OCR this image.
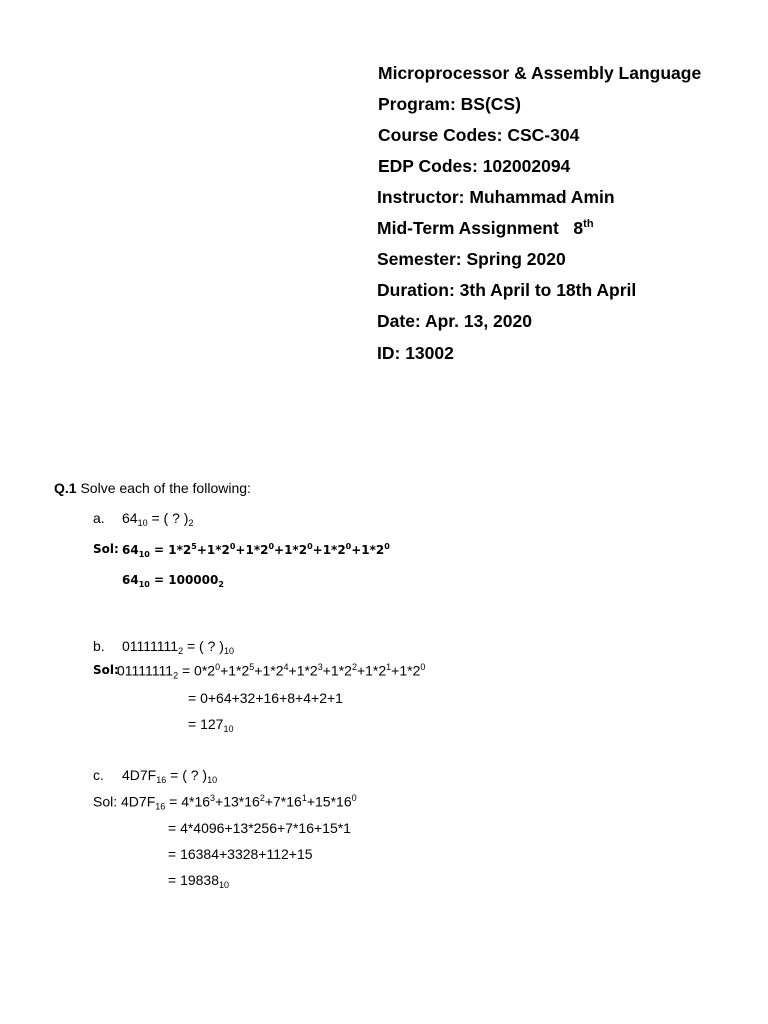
Microprocessor & Assembly Language
Program: BS(CS)
Course Codes: CSC-304
EDP Codes: 102002094
Instructor: Muhammad Amin
Mid-Term Assignment 8th
Semester: Spring 2020
Duration: 3th April to 18th April
Date: Apr. 13, 2020
ID: 13002
Q.1 Solve each of the following:
a. $64_{10}$ = ( ? )$_2$
Sol: $64_{10} = 1*2^5+1*2^0+1*2^0+1*2^0+1*2^0+1*2^0$
$64_{10} = 100000_2$
b. $01111111_2$ = ( ? )$_{10}$
Sol:
$01111111_2 = 0*2^0+1*2^5+1*2^4+1*2^3+1*2^2+1*2^1+1*2^0$
= 0+64+32+16+8+4+2+1
= $127_{10}$
c. $4D7F_{16}$ = ( ? )$_{10}$
Sol: $4D7F_{16} = 4*16^3+13*16^2+7*16^1+15*16^0$
= 4*4096+13*256+7*16+15*1
= 16384+3328+112+15
= $19838_{10}$
